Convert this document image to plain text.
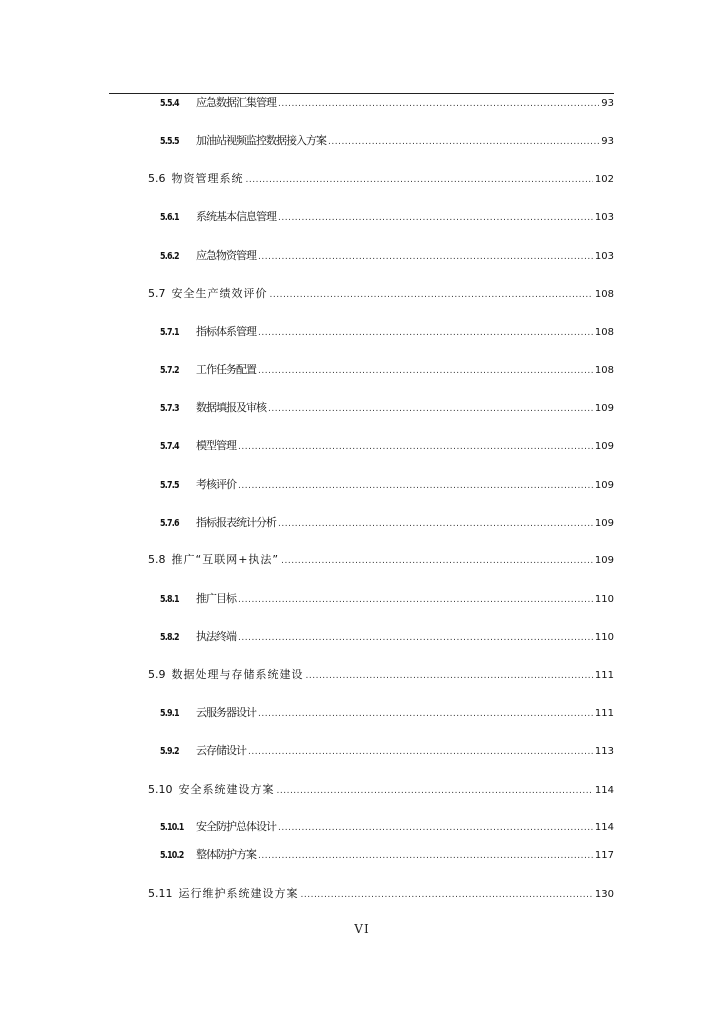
5.5.4	应急数据汇集管理 .....	93
5.5.5	加油站视频监控数据接入方案 .....	93
5.6 物资管理系统 .....	102
5.6.1	系统基本信息管理 .....	103
5.6.2	应急物资管理 .....	103
5.7 安全生产绩效评价 .....	108
5.7.1	指标体系管理 .....	108
5.7.2	工作任务配置 .....	108
5.7.3	数据填报及审核 .....	109
5.7.4	模型管理 .....	109
5.7.5	考核评价 .....	109
5.7.6	指标报表统计分析 .....	109
5.8 推广“互联网+执法” .....	109
5.8.1	推广目标 .....	110
5.8.2	执法终端 .....	110
5.9 数据处理与存储系统建设 .....	111
5.9.1	云服务器设计 .....	111
5.9.2	云存储设计 .....	113
5.10 安全系统建设方案 .....	114
5.10.1	安全防护总体设计 .....	114
5.10.2	整体防护方案 .....	117
5.11 运行维护系统建设方案 .....	130
VI
